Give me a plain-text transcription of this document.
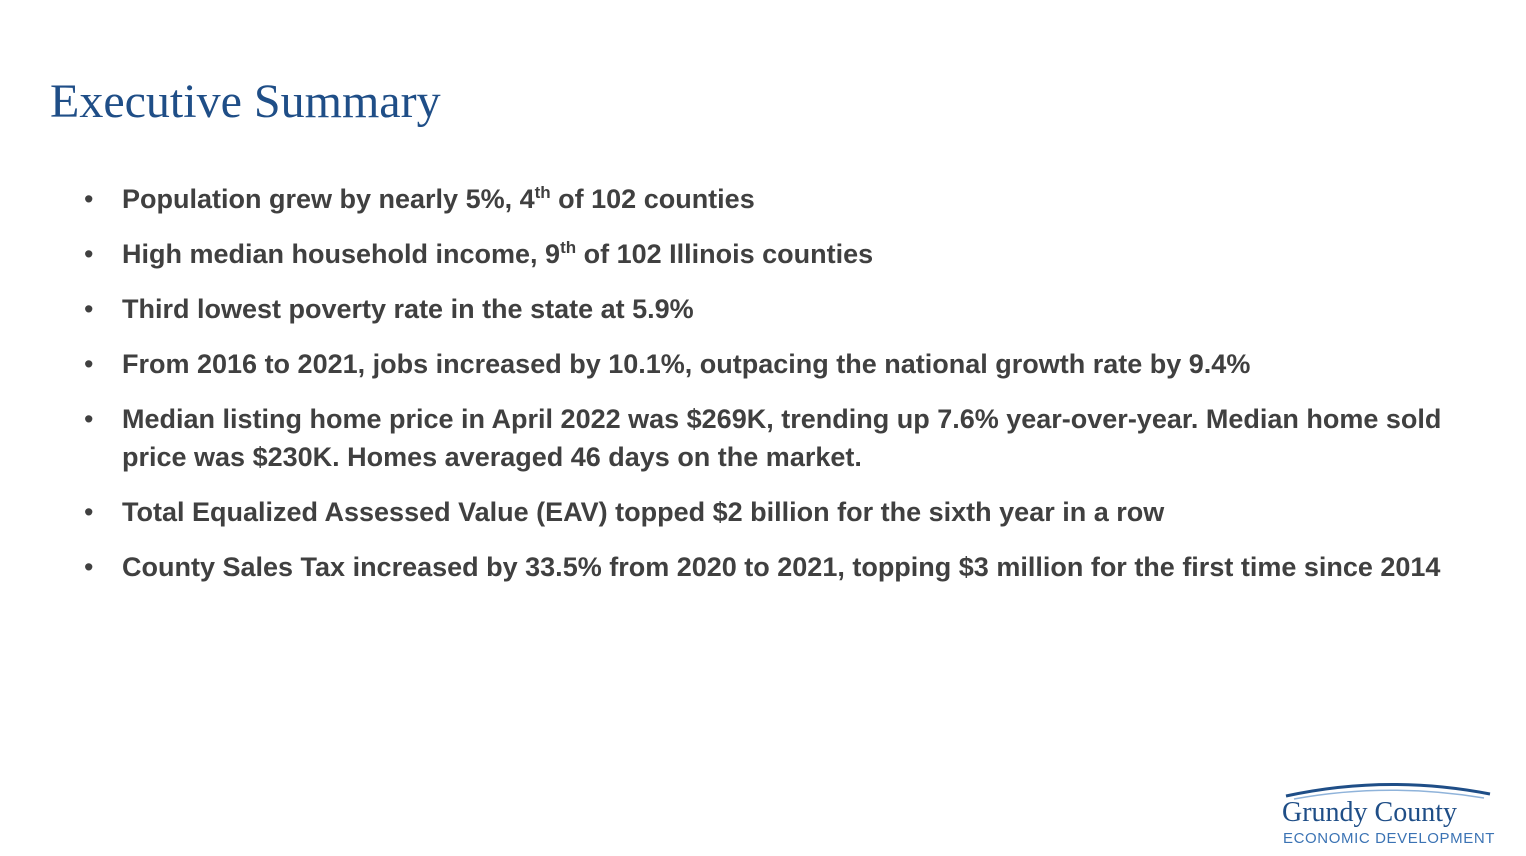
Executive Summary
•	Population grew by nearly 5%, 4th of 102 counties
•	High median household income, 9th of 102 Illinois counties
•	Third lowest poverty rate in the state at 5.9%
•	From 2016 to 2021, jobs increased by 10.1%, outpacing the national growth rate by 9.4%
•	Median listing home price in April 2022 was $269K, trending up 7.6% year-over-year. Median home sold price was $230K. Homes averaged 46 days on the market.
•	Total Equalized Assessed Value (EAV) topped $2 billion for the sixth year in a row
•	County Sales Tax increased by 33.5% from 2020 to 2021, topping $3 million for the first time since 2014
Grundy County
ECONOMIC DEVELOPMENT
